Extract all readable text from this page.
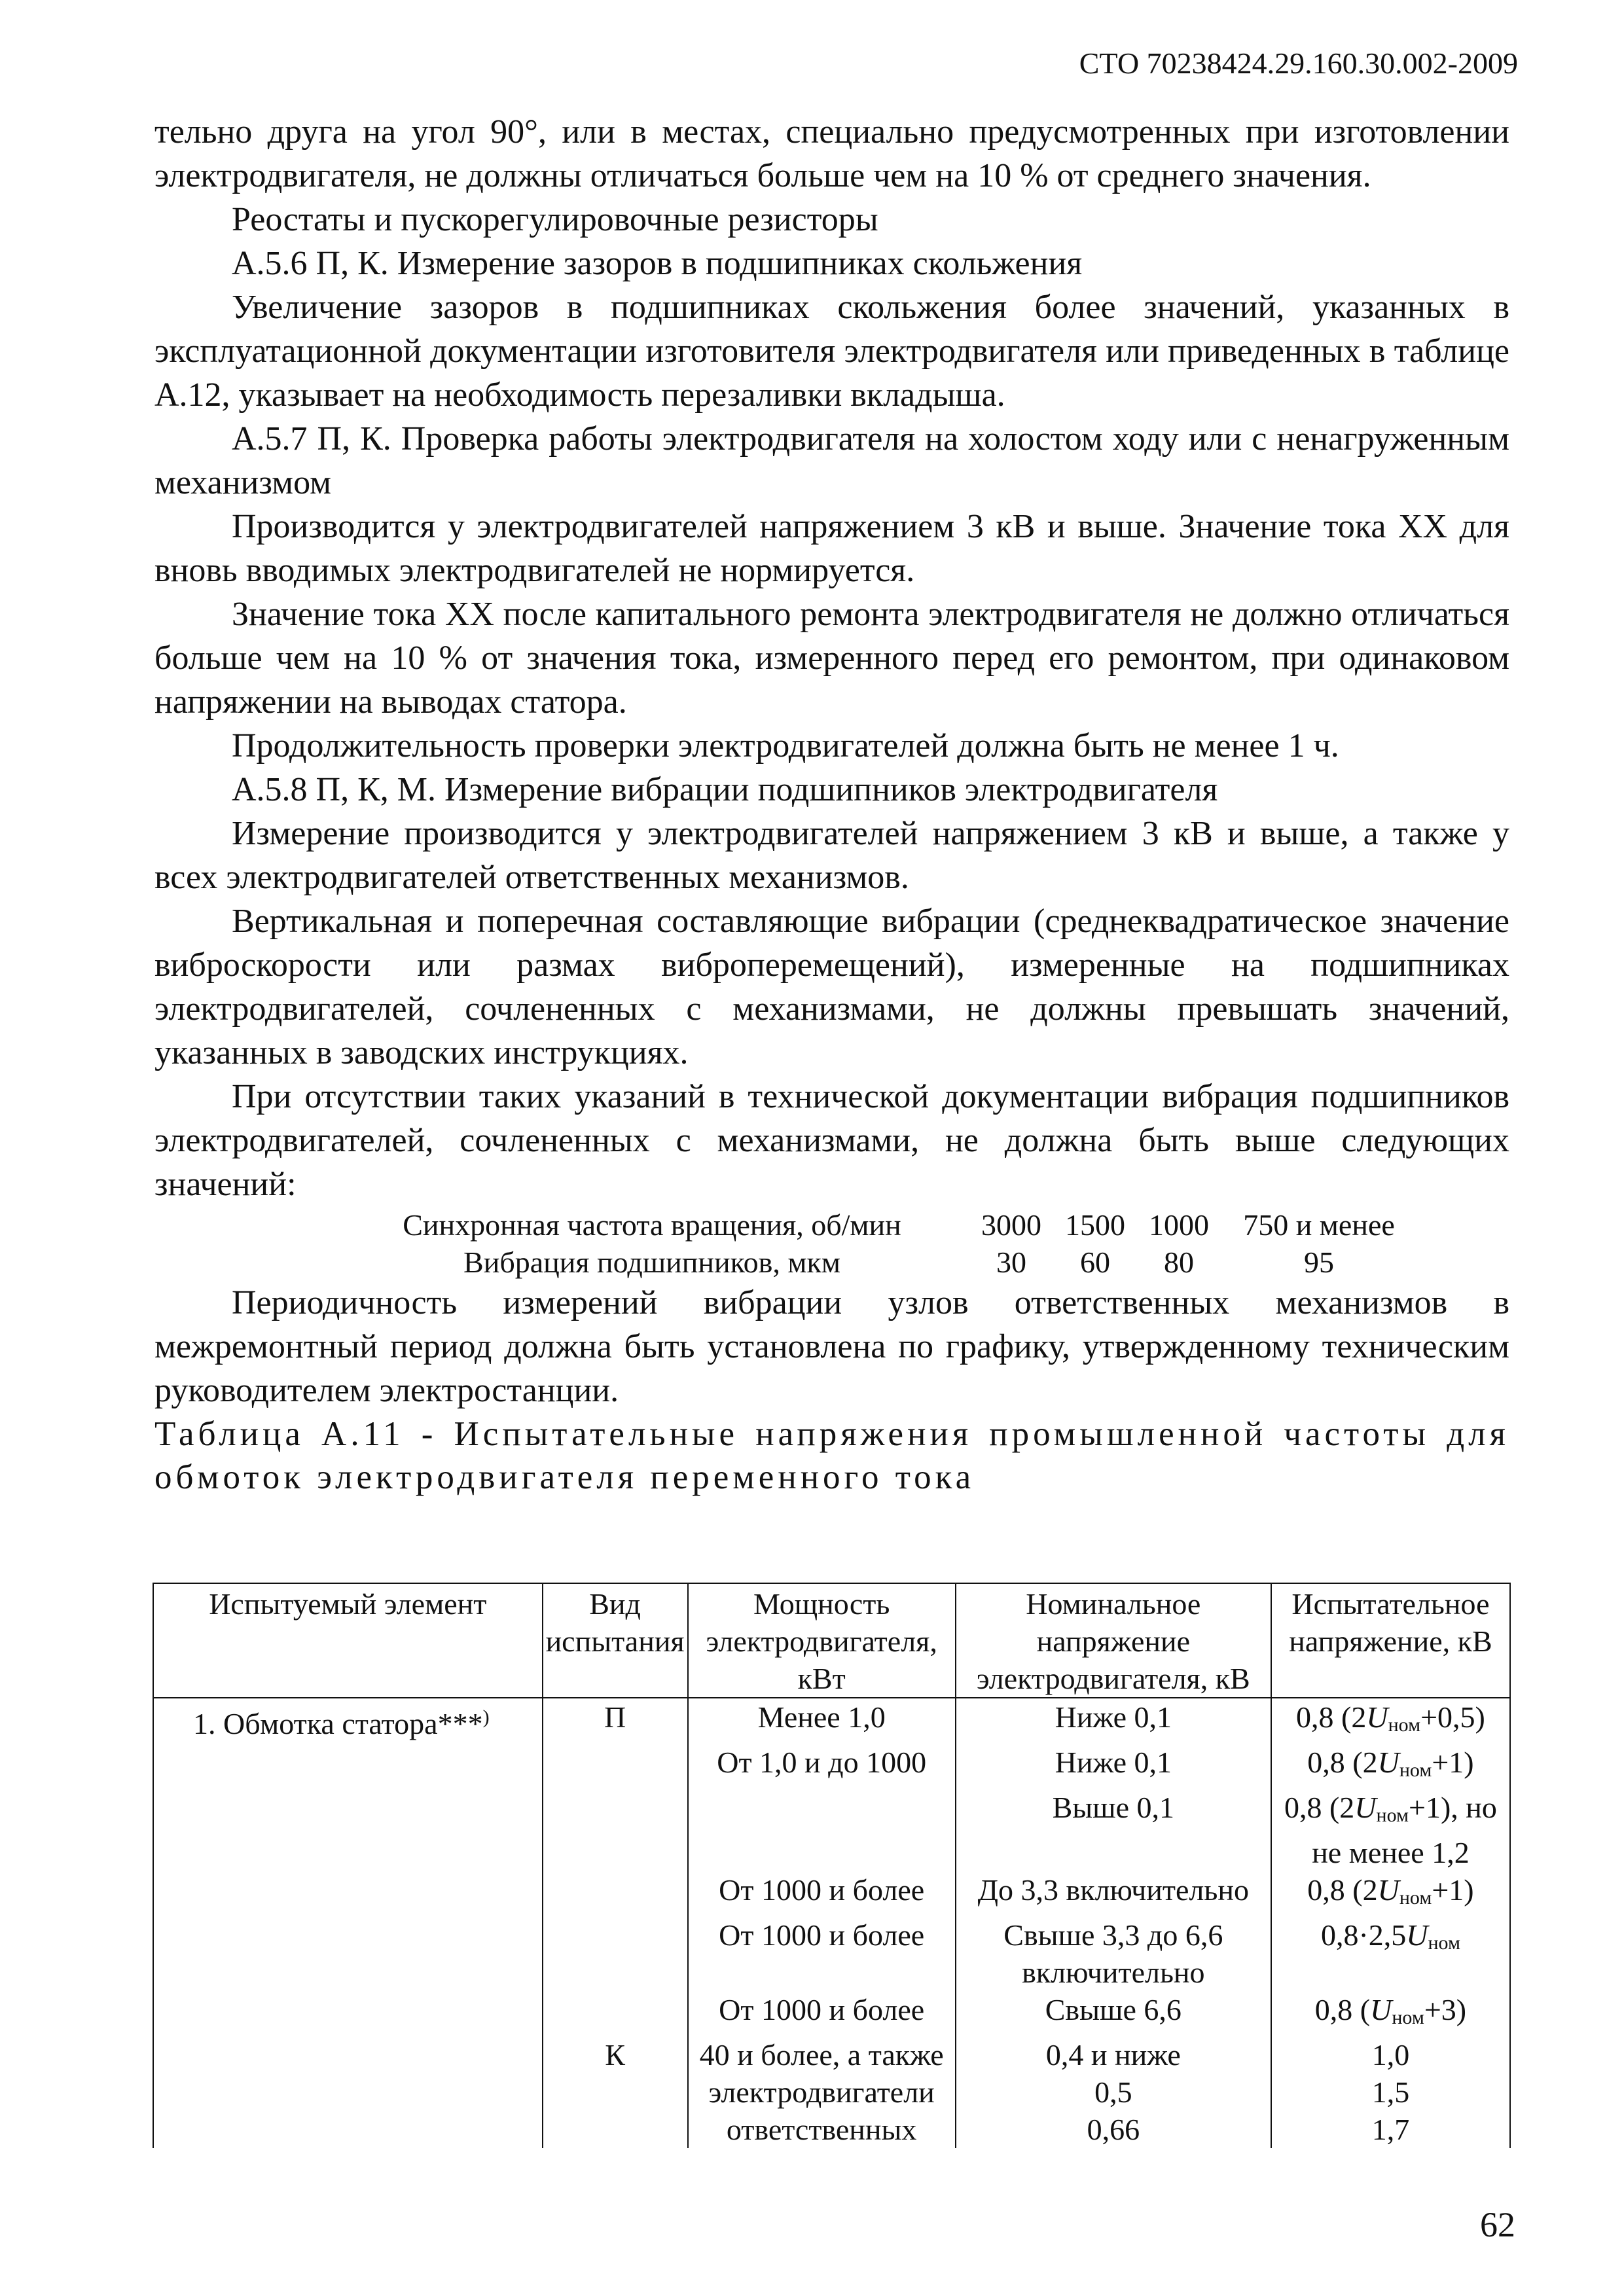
СТО 70238424.29.160.30.002-2009

тельно друга на угол 90°, или в местах, специально предусмотренных при изготовлении электродвигателя, не должны отличаться больше чем на 10 % от среднего значения.

Реостаты и пускорегулировочные резисторы

А.5.6 П, К. Измерение зазоров в подшипниках скольжения

Увеличение зазоров в подшипниках скольжения более значений, указанных в эксплуатационной документации изготовителя электродвигателя или приведенных в таблице А.12, указывает на необходимость перезаливки вкладыша.

А.5.7 П, К. Проверка работы электродвигателя на холостом ходу или с ненагруженным механизмом

Производится у электродвигателей напряжением 3 кВ и выше. Значение тока ХХ для вновь вводимых электродвигателей не нормируется.

Значение тока ХХ после капитального ремонта электродвигателя не должно отличаться больше чем на 10 % от значения тока, измеренного перед его ремонтом, при одинаковом напряжении на выводах статора.

Продолжительность проверки электродвигателей должна быть не менее 1 ч.

А.5.8 П, К, М. Измерение вибрации подшипников электродвигателя

Измерение производится у электродвигателей напряжением 3 кВ и выше, а также у всех электродвигателей ответственных механизмов.

Вертикальная и поперечная составляющие вибрации (среднеквадратическое значение виброскорости или размах виброперемещений), измеренные на подшипниках электродвигателей, сочлененных с механизмами, не должны превышать значений, указанных в заводских инструкциях.

При отсутствии таких указаний в технической документации вибрация подшипников электродвигателей, сочлененных с механизмами, не должна быть выше следующих значений:

Синхронная частота вращения, об/мин	3000	1500	1000	750 и менее
Вибрация подшипников, мкм	30	60	80	95

Периодичность измерений вибрации узлов ответственных механизмов в межремонтный период должна быть установлена по графику, утвержденному техническим руководителем электростанции.

Таблица А.11 - Испытательные напряжения промышленной частоты для обмоток электродвигателя переменного тока

Испытуемый элемент	Вид испытания	Мощность электродвигателя, кВт	Номинальное напряжение электродвигателя, кВ	Испытательное напряжение, кВ
1. Обмотка статора***)	П	Менее 1,0	Ниже 0,1	0,8 $(2U_{ном}+0,5)$
		От 1,0 и до 1000	Ниже 0,1	0,8 $(2U_{ном}+1)$
			Выше 0,1	0,8 $(2U_{ном}+1)$, но не менее 1,2
		От 1000 и более	До 3,3 включительно	0,8 $(2U_{ном}+1)$
		От 1000 и более	Свыше 3,3 до 6,6 включительно	$0,8\cdot 2,5U_{ном}$
		От 1000 и более	Свыше 6,6	0,8 $(U_{ном}+3)$
	К	40 и более, а также	0,4 и ниже	1,0
		электродвигатели	0,5	1,5
		ответственных	0,66	1,7
62
